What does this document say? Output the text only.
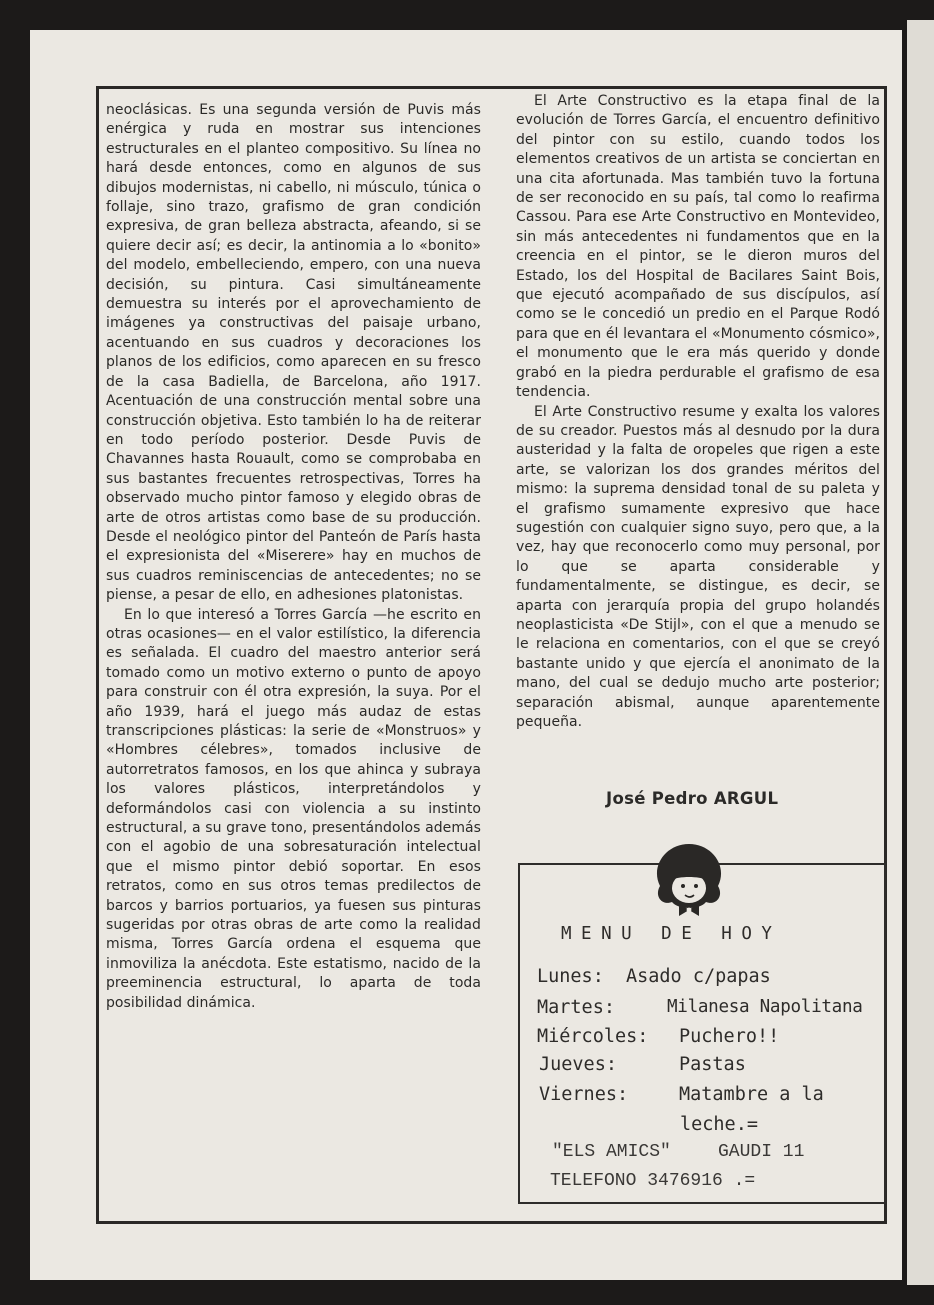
neoclásicas. Es una segunda versión de Puvis más enérgica y ruda en mostrar sus intenciones estructurales en el planteo compositivo. Su línea no hará desde entonces, como en algunos de sus dibujos modernistas, ni cabello, ni músculo, túnica o follaje, sino trazo, grafismo de gran condición expresiva, de gran belleza abstracta, afeando, si se quiere decir así; es decir, la antinomia a lo «bonito» del modelo, embelleciendo, empero, con una nueva decisión, su pintura. Casi simultáneamente demuestra su interés por el aprovechamiento de imágenes ya constructivas del paisaje urbano, acentuando en sus cuadros y decoraciones los planos de los edificios, como aparecen en su fresco de la casa Badiella, de Barcelona, año 1917. Acentuación de una construcción mental sobre una construcción objetiva. Esto también lo ha de reiterar en todo período posterior. Desde Puvis de Chavannes hasta Rouault, como se comprobaba en sus bastantes frecuentes retrospectivas, Torres ha observado mucho pintor famoso y elegido obras de arte de otros artistas como base de su producción. Desde el neológico pintor del Panteón de París hasta el expresionista del «Miserere» hay en muchos de sus cuadros reminiscencias de antecedentes; no se piense, a pesar de ello, en adhesiones platonistas.

En lo que interesó a Torres García —he escrito en otras ocasiones— en el valor estilístico, la diferencia es señalada. El cuadro del maestro anterior será tomado como un motivo externo o punto de apoyo para construir con él otra expresión, la suya. Por el año 1939, hará el juego más audaz de estas transcripciones plásticas: la serie de «Monstruos» y «Hombres célebres», tomados inclusive de autorretratos famosos, en los que ahinca y subraya los valores plásticos, interpretándolos y deformándolos casi con violencia a su instinto estructural, a su grave tono, presentándolos además con el agobio de una sobresaturación intelectual que el mismo pintor debió soportar. En esos retratos, como en sus otros temas predilectos de barcos y barrios portuarios, ya fuesen sus pinturas sugeridas por otras obras de arte como la realidad misma, Torres García ordena el esquema que inmoviliza la anécdota. Este estatismo, nacido de la preeminencia estructural, lo aparta de toda posibilidad dinámica.

El Arte Constructivo es la etapa final de la evolución de Torres García, el encuentro definitivo del pintor con su estilo, cuando todos los elementos creativos de un artista se conciertan en una cita afortunada. Mas también tuvo la fortuna de ser reconocido en su país, tal como lo reafirma Cassou. Para ese Arte Constructivo en Montevideo, sin más antecedentes ni fundamentos que en la creencia en el pintor, se le dieron muros del Estado, los del Hospital de Bacilares Saint Bois, que ejecutó acompañado de sus discípulos, así como se le concedió un predio en el Parque Rodó para que en él levantara el «Monumento cósmico», el monumento que le era más querido y donde grabó en la piedra perdurable el grafismo de esa tendencia.

El Arte Constructivo resume y exalta los valores de su creador. Puestos más al desnudo por la dura austeridad y la falta de oropeles que rigen a este arte, se valorizan los dos grandes méritos del mismo: la suprema densidad tonal de su paleta y el grafismo sumamente expresivo que hace sugestión con cualquier signo suyo, pero que, a la vez, hay que reconocerlo como muy personal, por lo que se aparta considerable y fundamentalmente, se distingue, es decir, se aparta con jerarquía propia del grupo holandés neoplasticista «De Stijl», con el que a menudo se le relaciona en comentarios, con el que se creyó bastante unido y que ejercía el anonimato de la mano, del cual se dedujo mucho arte posterior; separación abismal, aunque aparentemente pequeña.

José Pedro ARGUL
MENU DE HOY
Lunes: Asado c/papas
Martes:	Milanesa Napolitana
Miércoles: Puchero!!
Jueves:	Pastas
Viernes:	Matambre a la
leche.=
"ELS AMICS"	GAUDI 11
TELEFONO 3476916 .=
